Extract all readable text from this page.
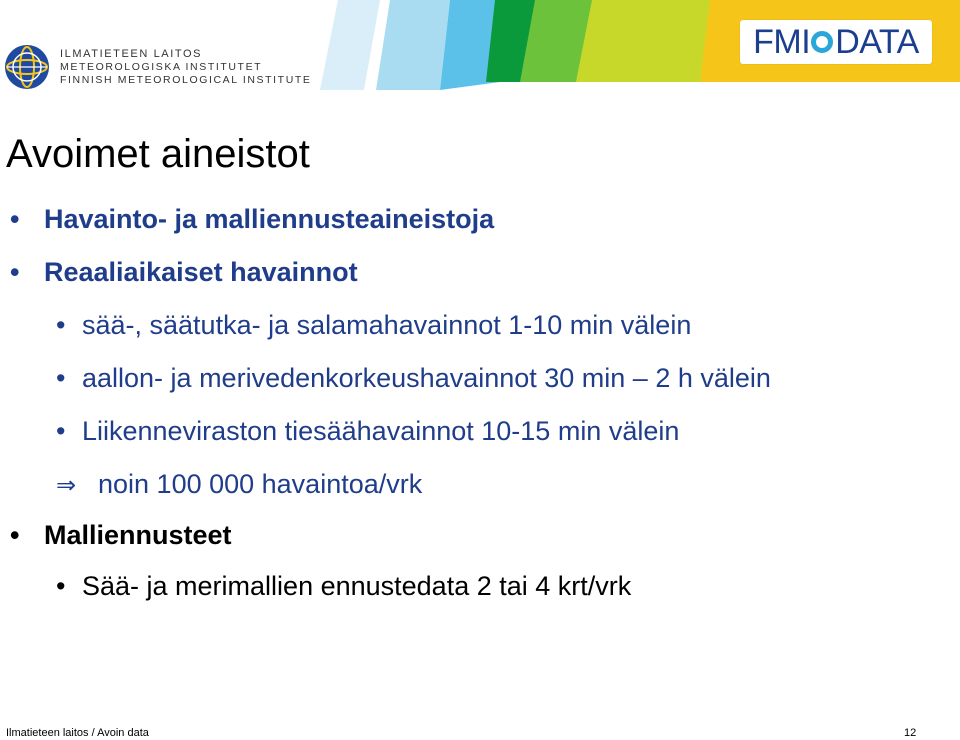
ILMATIETEEN LAITOS
METEOROLOGISKA INSTITUTET
FINNISH METEOROLOGICAL INSTITUTE
FMI DATA
Avoimet aineistot
• Havainto- ja malliennusteaineistoja
• Reaaliaikaiset havainnot
• sää-, säätutka- ja salamahavainnot 1-10 min välein
• aallon- ja merivedenkorkeushavainnot 30 min – 2 h välein
• Liikenneviraston tiesäähavainnot 10-15 min välein
⇒ noin 100 000 havaintoa/vrk
• Malliennusteet
• Sää- ja merimallien ennustedata 2 tai 4 krt/vrk
Ilmatieteen laitos / Avoin data	12
